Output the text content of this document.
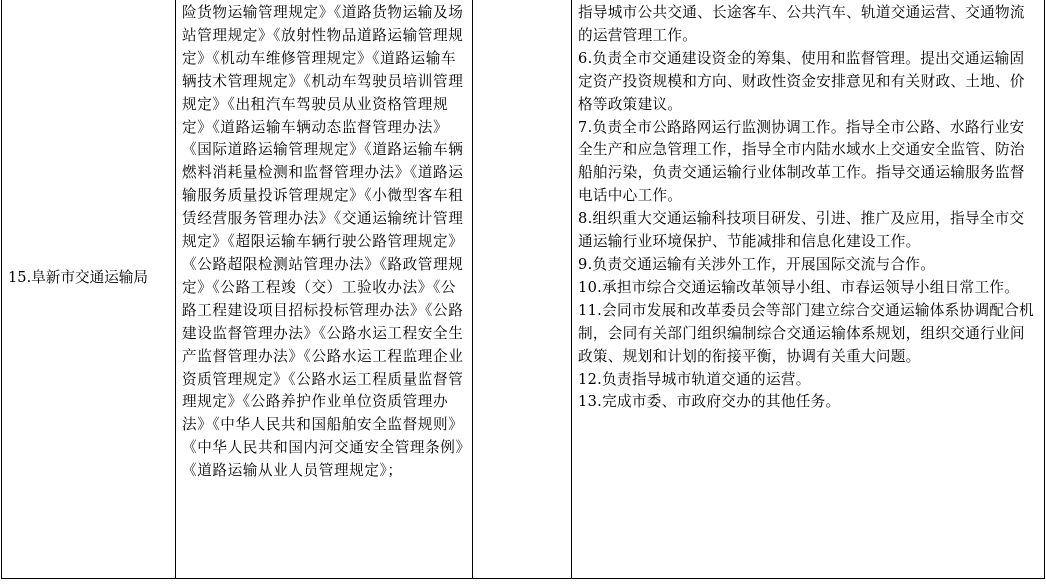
15.阜新市交通运输局
险货物运输管理规定》《道路货物运输及场站管理规定》《放射性物品道路运输管理规定》《机动车维修管理规定》《道路运输车辆技术管理规定》《机动车驾驶员培训管理规定》《出租汽车驾驶员从业资格管理规定》《道路运输车辆动态监督管理办法》《国际道路运输管理规定》《道路运输车辆燃料消耗量检测和监督管理办法》《道路运输服务质量投诉管理规定》《小微型客车租赁经营服务管理办法》《交通运输统计管理规定》《超限运输车辆行驶公路管理规定》《公路超限检测站管理办法》《路政管理规定》《公路工程竣（交）工验收办法》《公路工程建设项目招标投标管理办法》《公路建设监督管理办法》《公路水运工程安全生产监督管理办法》《公路水运工程监理企业资质管理规定》《公路水运工程质量监督管理规定》《公路养护作业单位资质管理办法》《中华人民共和国船舶安全监督规则》《中华人民共和国内河交通安全管理条例》《道路运输从业人员管理规定》；

指导城市公共交通、长途客车、公共汽车、轨道交通运营、交通物流的运营管理工作。

6.负责全市交通建设资金的筹集、使用和监督管理。提出交通运输固定资产投资规模和方向、财政性资金安排意见和有关财政、土地、价格等政策建议。

7.负责全市公路路网运行监测协调工作。指导全市公路、水路行业安全生产和应急管理工作，指导全市内陆水域水上交通安全监管、防治船舶污染，负责交通运输行业体制改革工作。指导交通运输服务监督电话中心工作。

8.组织重大交通运输科技项目研发、引进、推广及应用，指导全市交通运输行业环境保护、节能减排和信息化建设工作。

9.负责交通运输有关涉外工作，开展国际交流与合作。

10.承担市综合交通运输改革领导小组、市春运领导小组日常工作。

11.会同市发展和改革委员会等部门建立综合交通运输体系协调配合机制，会同有关部门组织编制综合交通运输体系规划，组织交通行业间政策、规划和计划的衔接平衡，协调有关重大问题。

12.负责指导城市轨道交通的运营。

13.完成市委、市政府交办的其他任务。
